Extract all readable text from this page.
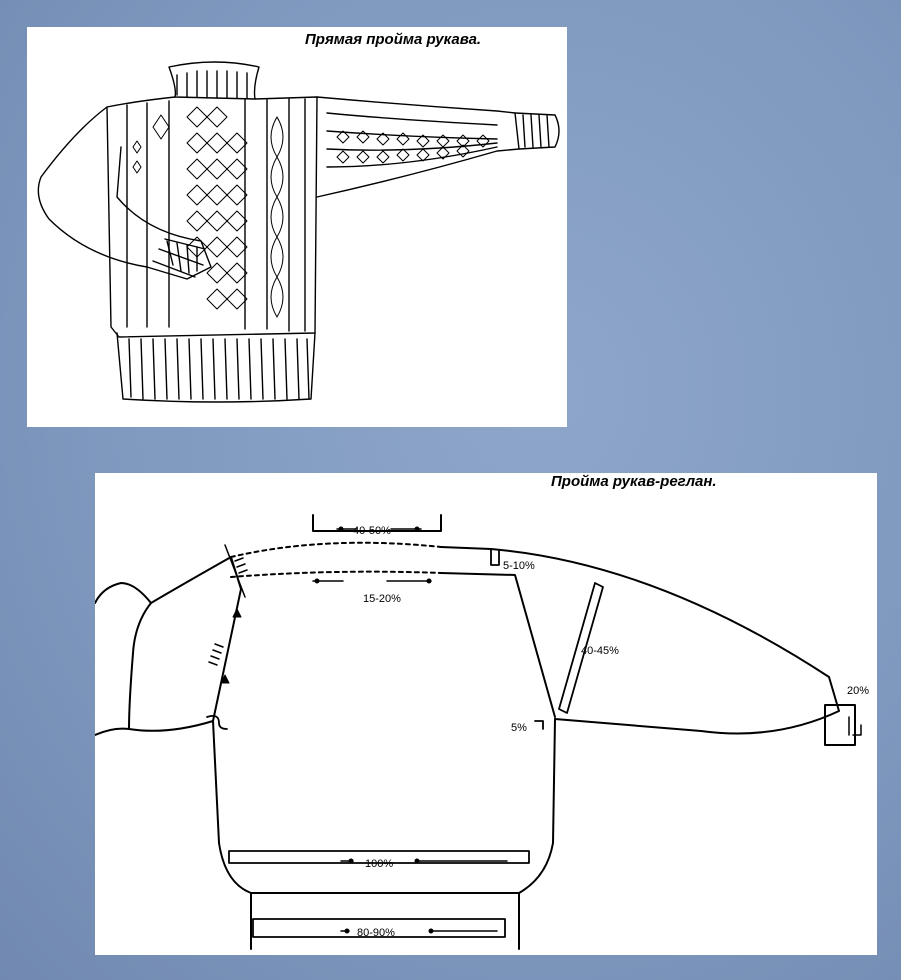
Прямая пройма рукава.
Пройма рукав-реглан.
40-50%
15-20%
5-10%
40-45%
20%
5%
100%
80-90%
